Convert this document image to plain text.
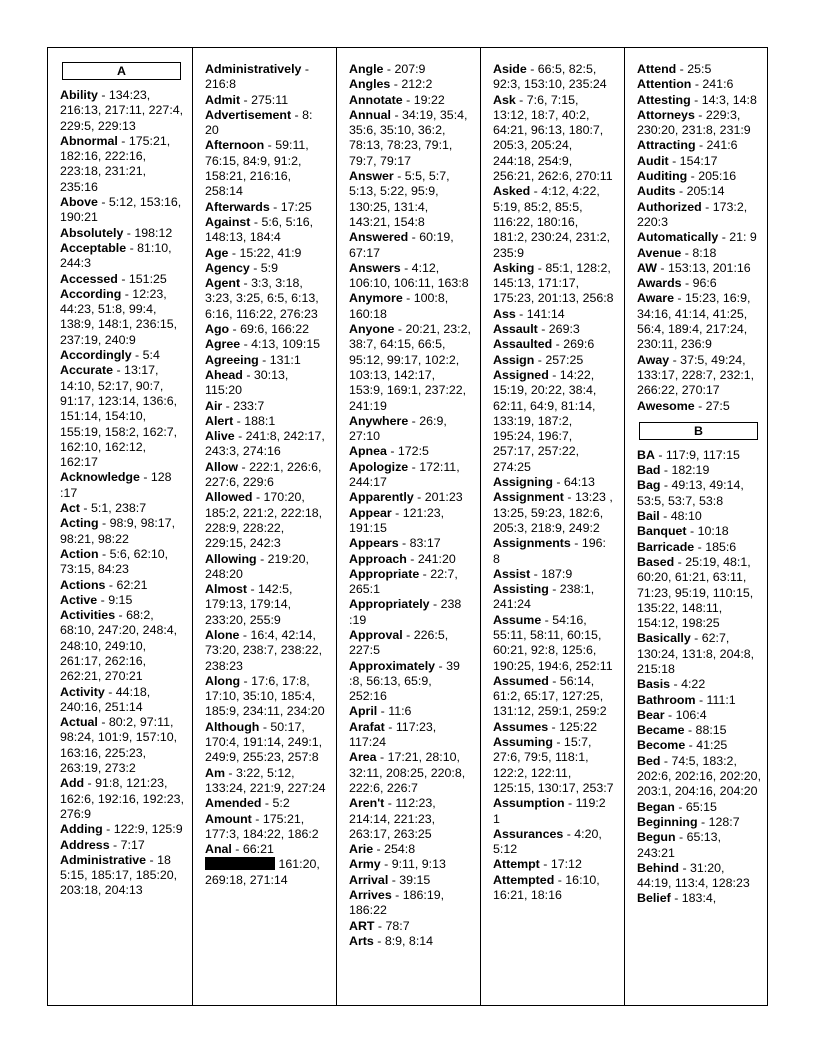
A
Ability - 134:23, 216:13, 217:11, 227:4, 229:5, 229:13
Abnormal - 175:21, 182:16, 222:16, 223:18, 231:21, 235:16
Above - 5:12, 153:16, 190:21
Absolutely - 198:12
Acceptable - 81:10, 244:3
Accessed - 151:25
According - 12:23, 44:23, 51:8, 99:4, 138:9, 148:1, 236:15, 237:19, 240:9
Accordingly - 5:4
Accurate - 13:17, 14:10, 52:17, 90:7, 91:17, 123:14, 136:6, 151:14, 154:10, 155:19, 158:2, 162:7, 162:10, 162:12, 162:17
Acknowledge - 128 :17
Act - 5:1, 238:7
Acting - 98:9, 98:17, 98:21, 98:22
Action - 5:6, 62:10, 73:15, 84:23
Actions - 62:21
Active - 9:15
Activities - 68:2, 68:10, 247:20, 248:4, 248:10, 249:10, 261:17, 262:16, 262:21, 270:21
Activity - 44:18, 240:16, 251:14
Actual - 80:2, 97:11, 98:24, 101:9, 157:10, 163:16, 225:23, 263:19, 273:2
Add - 91:8, 121:23, 162:6, 192:16, 192:23, 276:9
Adding - 122:9, 125:9
Address - 7:17
Administrative - 18 5:15, 185:17, 185:20, 203:18, 204:13
Administratively - 216:8
Admit - 275:11
Advertisement - 8: 20
Afternoon - 59:11, 76:15, 84:9, 91:2, 158:21, 216:16, 258:14
Afterwards - 17:25
Against - 5:6, 5:16, 148:13, 184:4
Age - 15:22, 41:9
Agency - 5:9
Agent - 3:3, 3:18, 3:23, 3:25, 6:5, 6:13, 6:16, 116:22, 276:23
Ago - 69:6, 166:22
Agree - 4:13, 109:15
Agreeing - 131:1
Ahead - 30:13, 115:20
Air - 233:7
Alert - 188:1
Alive - 241:8, 242:17, 243:3, 274:16
Allow - 222:1, 226:6, 227:6, 229:6
Allowed - 170:20, 185:2, 221:2, 222:18, 228:9, 228:22, 229:15, 242:3
Allowing - 219:20, 248:20
Almost - 142:5, 179:13, 179:14, 233:20, 255:9
Alone - 16:4, 42:14, 73:20, 238:7, 238:22, 238:23
Along - 17:6, 17:8, 17:10, 35:10, 185:4, 185:9, 234:11, 234:20
Although - 50:17, 170:4, 191:14, 249:1, 249:9, 255:23, 257:8
Am - 3:22, 5:12, 133:24, 221:9, 227:24
Amended - 5:2
Amount - 175:21, 177:3, 184:22, 186:2
Anal - 66:21
161:20, 269:18, 271:14
Angle - 207:9
Angles - 212:2
Annotate - 19:22
Annual - 34:19, 35:4, 35:6, 35:10, 36:2, 78:13, 78:23, 79:1, 79:7, 79:17
Answer - 5:5, 5:7, 5:13, 5:22, 95:9, 130:25, 131:4, 143:21, 154:8
Answered - 60:19, 67:17
Answers - 4:12, 106:10, 106:11, 163:8
Anymore - 100:8, 160:18
Anyone - 20:21, 23:2, 38:7, 64:15, 66:5, 95:12, 99:17, 102:2, 103:13, 142:17, 153:9, 169:1, 237:22, 241:19
Anywhere - 26:9, 27:10
Apnea - 172:5
Apologize - 172:11, 244:17
Apparently - 201:23
Appear - 121:23, 191:15
Appears - 83:17
Approach - 241:20
Appropriate - 22:7, 265:1
Appropriately - 238 :19
Approval - 226:5, 227:5
Approximately - 39 :8, 56:13, 65:9, 252:16
April - 11:6
Arafat - 117:23, 117:24
Area - 17:21, 28:10, 32:11, 208:25, 220:8, 222:6, 226:7
Aren't - 112:23, 214:14, 221:23, 263:17, 263:25
Arie - 254:8
Army - 9:11, 9:13
Arrival - 39:15
Arrives - 186:19, 186:22
ART - 78:7
Arts - 8:9, 8:14
Aside - 66:5, 82:5, 92:3, 153:10, 235:24
Ask - 7:6, 7:15, 13:12, 18:7, 40:2, 64:21, 96:13, 180:7, 205:3, 205:24, 244:18, 254:9, 256:21, 262:6, 270:11
Asked - 4:12, 4:22, 5:19, 85:2, 85:5, 116:22, 180:16, 181:2, 230:24, 231:2, 235:9
Asking - 85:1, 128:2, 145:13, 171:17, 175:23, 201:13, 256:8
Ass - 141:14
Assault - 269:3
Assaulted - 269:6
Assign - 257:25
Assigned - 14:22, 15:19, 20:22, 38:4, 62:11, 64:9, 81:14, 133:19, 187:2, 195:24, 196:7, 257:17, 257:22, 274:25
Assigning - 64:13
Assignment - 13:23 , 13:25, 59:23, 182:6, 205:3, 218:9, 249:2
Assignments - 196: 8
Assist - 187:9
Assisting - 238:1, 241:24
Assume - 54:16, 55:11, 58:11, 60:15, 60:21, 92:8, 125:6, 190:25, 194:6, 252:11
Assumed - 56:14, 61:2, 65:17, 127:25, 131:12, 259:1, 259:2
Assumes - 125:22
Assuming - 15:7, 27:6, 79:5, 118:1, 122:2, 122:11, 125:15, 130:17, 253:7
Assumption - 119:2 1
Assurances - 4:20, 5:12
Attempt - 17:12
Attempted - 16:10, 16:21, 18:16
Attend - 25:5
Attention - 241:6
Attesting - 14:3, 14:8
Attorneys - 229:3, 230:20, 231:8, 231:9
Attracting - 241:6
Audit - 154:17
Auditing - 205:16
Audits - 205:14
Authorized - 173:2, 220:3
Automatically - 21: 9
Avenue - 8:18
AW - 153:13, 201:16
Awards - 96:6
Aware - 15:23, 16:9, 34:16, 41:14, 41:25, 56:4, 189:4, 217:24, 230:11, 236:9
Away - 37:5, 49:24, 133:17, 228:7, 232:1, 266:22, 270:17
Awesome - 27:5
B
BA - 117:9, 117:15
Bad - 182:19
Bag - 49:13, 49:14, 53:5, 53:7, 53:8
Bail - 48:10
Banquet - 10:18
Barricade - 185:6
Based - 25:19, 48:1, 60:20, 61:21, 63:11, 71:23, 95:19, 110:15, 135:22, 148:11, 154:12, 198:25
Basically - 62:7, 130:24, 131:8, 204:8, 215:18
Basis - 4:22
Bathroom - 111:1
Bear - 106:4
Became - 88:15
Become - 41:25
Bed - 74:5, 183:2, 202:6, 202:16, 202:20, 203:1, 204:16, 204:20
Began - 65:15
Beginning - 128:7
Begun - 65:13, 243:21
Behind - 31:20, 44:19, 113:4, 128:23
Belief - 183:4,
